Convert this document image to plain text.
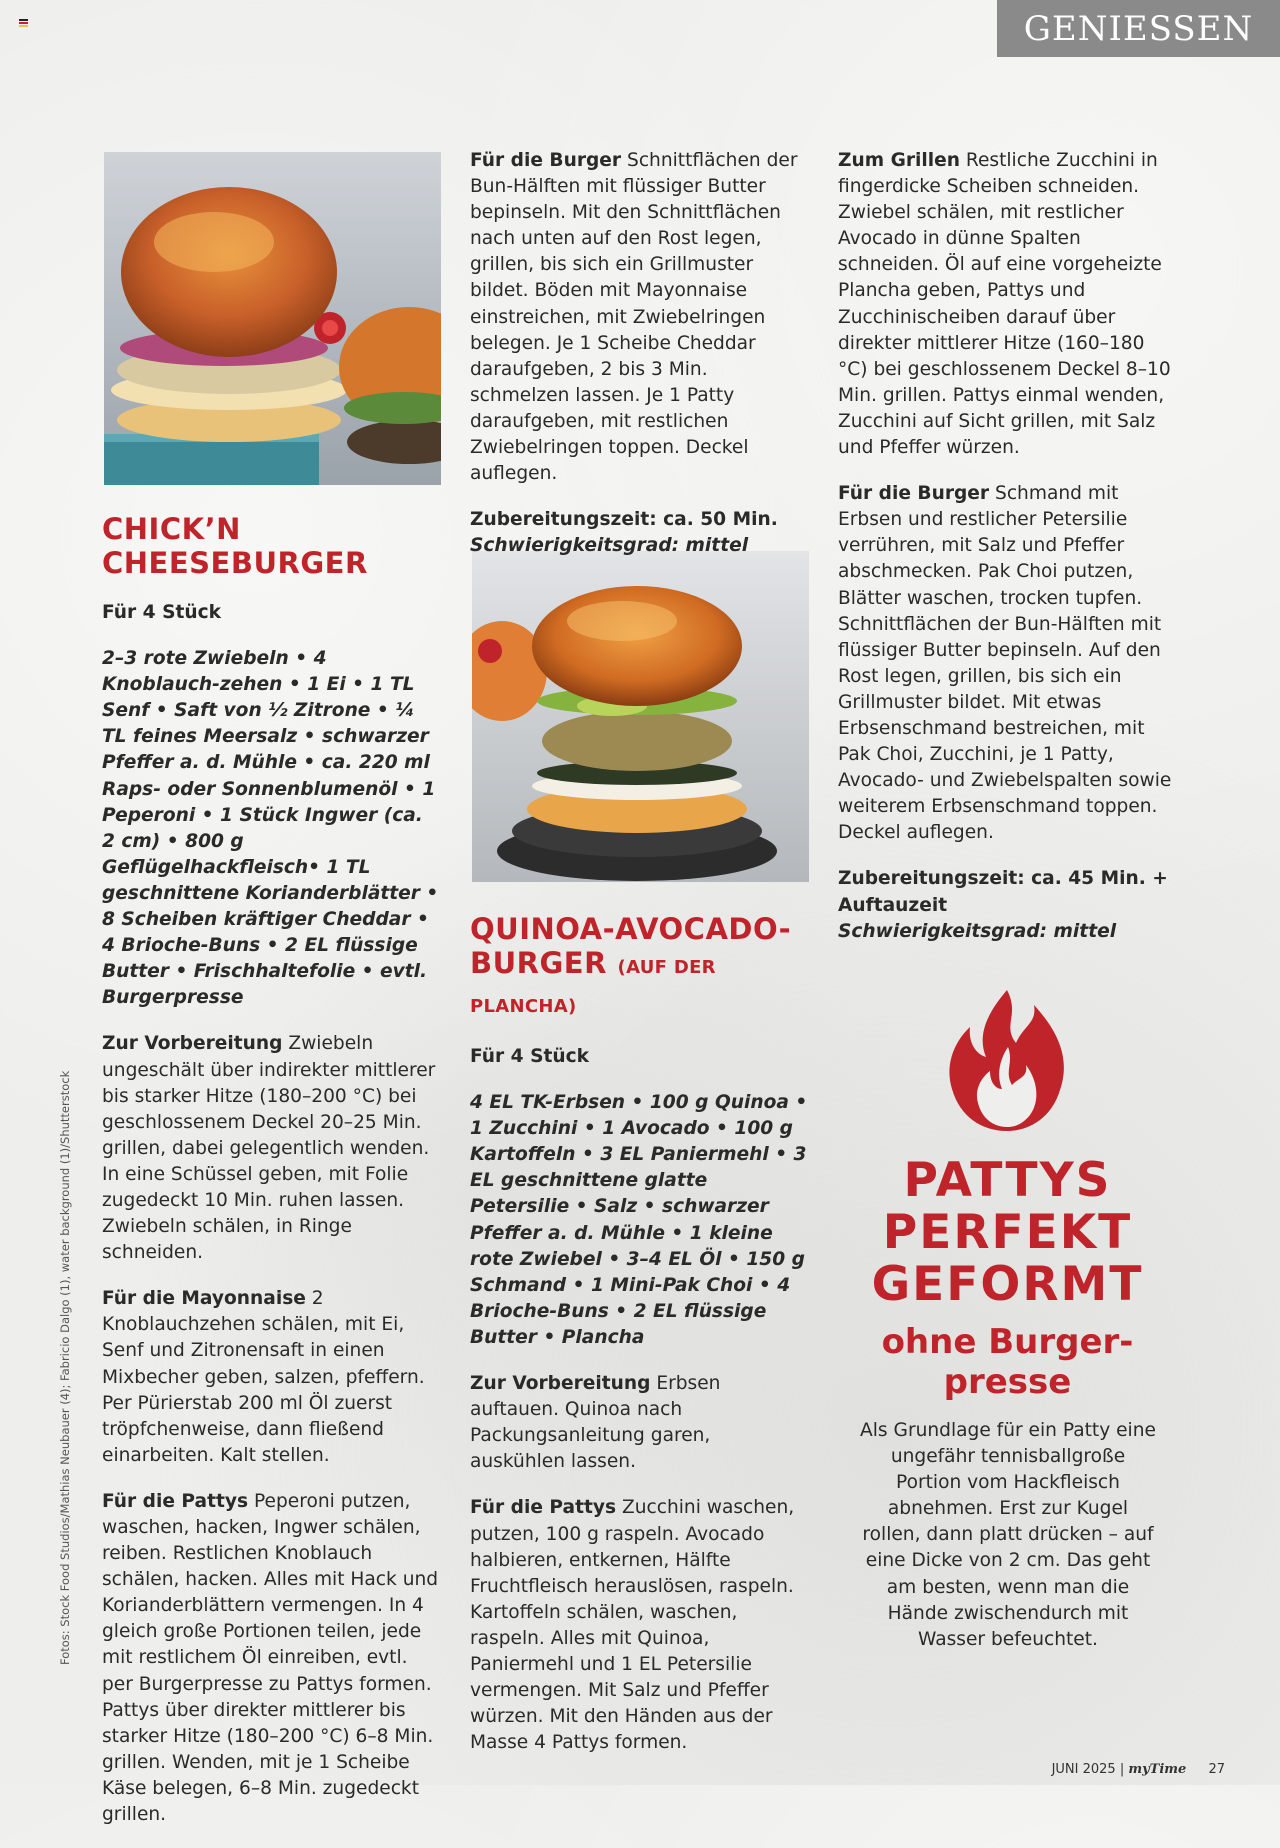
GENIESSEN
CHICK’N
CHEESEBURGER

Für 4 Stück

2–3 rote Zwiebeln • 4 Knoblauch-zehen • 1 Ei • 1 TL Senf • Saft von ½ Zitrone • ¼ TL feines Meersalz • schwarzer Pfeffer a. d. Mühle • ca. 220 ml Raps- oder Sonnenblumenöl • 1 Peperoni • 1 Stück Ingwer (ca. 2 cm) • 800 g Geflügelhackfleisch• 1 TL geschnittene Korianderblätter • 8 Scheiben kräftiger Cheddar • 4 Brioche-Buns • 2 EL flüssige Butter • Frischhaltefolie • evtl. Burgerpresse

Zur Vorbereitung Zwiebeln ungeschält über indirekter mittlerer bis starker Hitze (180–200 °C) bei geschlossenem Deckel 20–25 Min. grillen, dabei gelegentlich wenden. In eine Schüssel geben, mit Folie zugedeckt 10 Min. ruhen lassen. Zwiebeln schälen, in Ringe schneiden.

Für die Mayonnaise 2 Knoblauchzehen schälen, mit Ei, Senf und Zitronensaft in einen Mixbecher geben, salzen, pfeffern. Per Pürierstab 200 ml Öl zuerst tröpfchenweise, dann fließend einarbeiten. Kalt stellen.

Für die Pattys Peperoni putzen, waschen, hacken, Ingwer schälen, reiben. Restlichen Knoblauch schälen, hacken. Alles mit Hack und Korianderblättern vermengen. In 4 gleich große Portionen teilen, jede mit restlichem Öl einreiben, evtl. per Burgerpresse zu Pattys formen. Pattys über direkter mittlerer bis starker Hitze (180–200 °C) 6–8 Min. grillen. Wenden, mit je 1 Scheibe Käse belegen, 6–8 Min. zugedeckt grillen.

Für die Burger Schnittflächen der Bun-Hälften mit flüssiger Butter bepinseln. Mit den Schnittflächen nach unten auf den Rost legen, grillen, bis sich ein Grillmuster bildet. Böden mit Mayonnaise einstreichen, mit Zwiebelringen belegen. Je 1 Scheibe Cheddar daraufgeben, 2 bis 3 Min. schmelzen lassen. Je 1 Patty daraufgeben, mit restlichen Zwiebelringen toppen. Deckel auflegen.

Zubereitungszeit: ca. 50 Min.
Schwierigkeitsgrad: mittel
QUINOA-AVOCADO-
BURGER (AUF DER PLANCHA)

Für 4 Stück

4 EL TK-Erbsen • 100 g Quinoa • 1 Zucchini • 1 Avocado • 100 g Kartoffeln • 3 EL Paniermehl • 3 EL geschnittene glatte Petersilie • Salz • schwarzer Pfeffer a. d. Mühle • 1 kleine rote Zwiebel • 3–4 EL Öl • 150 g Schmand • 1 Mini-Pak Choi • 4 Brioche-Buns • 2 EL flüssige Butter • Plancha

Zur Vorbereitung Erbsen auftauen. Quinoa nach Packungsanleitung garen, auskühlen lassen.

Für die Pattys Zucchini waschen, putzen, 100 g raspeln. Avocado halbieren, entkernen, Hälfte Fruchtfleisch herauslösen, raspeln. Kartoffeln schälen, waschen, raspeln. Alles mit Quinoa, Paniermehl und 1 EL Petersilie vermengen. Mit Salz und Pfeffer würzen. Mit den Händen aus der Masse 4 Pattys formen.

Zum Grillen Restliche Zucchini in fingerdicke Scheiben schneiden. Zwiebel schälen, mit restlicher Avocado in dünne Spalten schneiden. Öl auf eine vorgeheizte Plancha geben, Pattys und Zucchinischeiben darauf über direkter mittlerer Hitze (160–180 °C) bei geschlossenem Deckel 8–10 Min. grillen. Pattys einmal wenden, Zucchini auf Sicht grillen, mit Salz und Pfeffer würzen.

Für die Burger Schmand mit Erbsen und restlicher Petersilie verrühren, mit Salz und Pfeffer abschmecken. Pak Choi putzen, Blätter waschen, trocken tupfen. Schnittflächen der Bun-Hälften mit flüssiger Butter bepinseln. Auf den Rost legen, grillen, bis sich ein Grillmuster bildet. Mit etwas Erbsenschmand bestreichen, mit Pak Choi, Zucchini, je 1 Patty, Avocado- und Zwiebelspalten sowie weiterem Erbsenschmand toppen. Deckel auflegen.

Zubereitungszeit: ca. 45 Min. +
Auftauzeit
Schwierigkeitsgrad: mittel
PATTYS
PERFEKT
GEFORMT
ohne Burger-
presse
Als Grundlage für ein Patty eine ungefähr tennisballgroße Portion vom Hackfleisch abnehmen. Erst zur Kugel rollen, dann platt drücken – auf eine Dicke von 2 cm. Das geht am besten, wenn man die Hände zwischendurch mit Wasser befeuchtet.
Fotos: Stock Food Studios/Mathias Neubauer (4); Fabricio Dalgo (1), water background (1)/Shutterstock
JUNI 2025 | myTime 27
